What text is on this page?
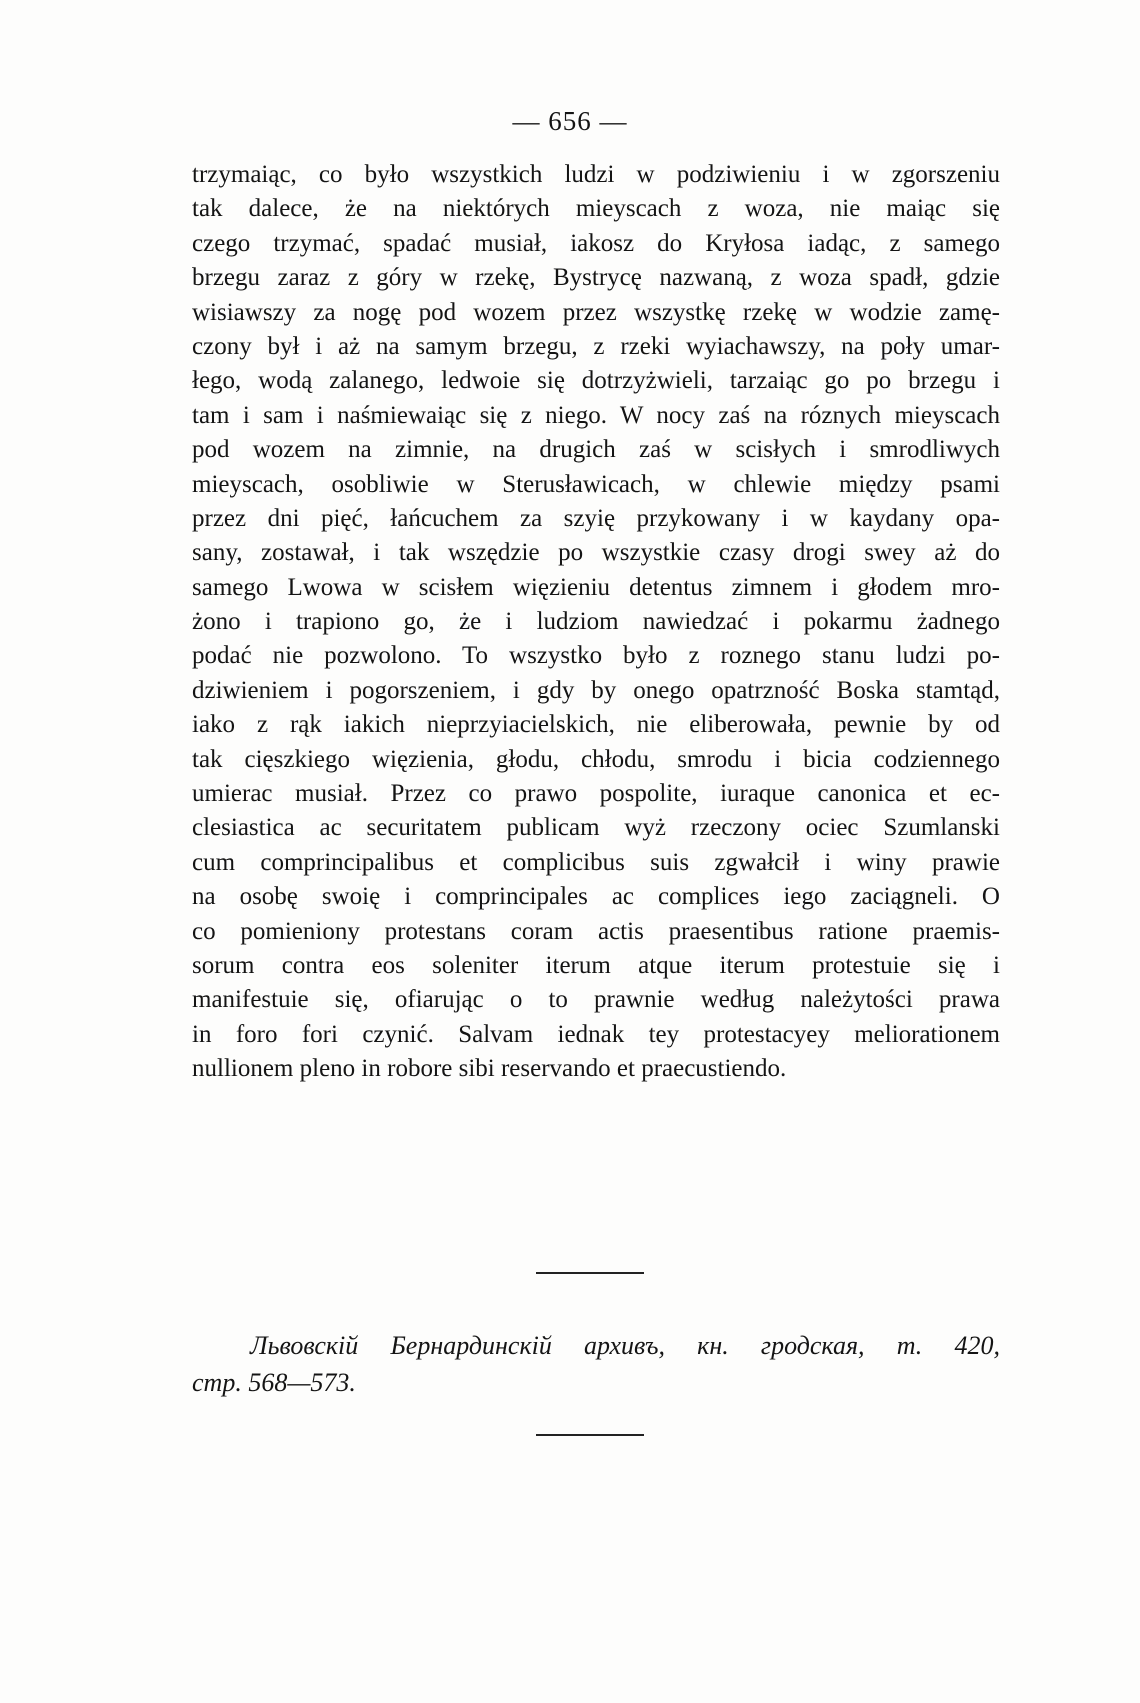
— 656 —
trzymaiąc, co było wszystkich ludzi w podziwieniu i w zgorszeniu
tak dalece, że na niektórych mieyscach z woza, nie maiąc się
czego trzymać, spadać musiał, iakosz do Kryłosa iadąc, z samego
brzegu zaraz z góry w rzekę, Bystrycę nazwaną, z woza spadł, gdzie
wisiawszy za nogę pod wozem przez wszystkę rzekę w wodzie zamę-
czony był i aż na samym brzegu, z rzeki wyiachawszy, na poły umar-
łego, wodą zalanego, ledwoie się dotrzyżwieli, tarzaiąc go po brzegu i
tam i sam i naśmiewaiąc się z niego. W nocy zaś na róznych mieyscach
pod wozem na zimnie, na drugich zaś w scisłych i smrodliwych
mieyscach, osobliwie w Sterusławicach, w chlewie między psami
przez dni pięć, łańcuchem za szyię przykowany i w kaydany opa-
sany, zostawał, i tak wszędzie po wszystkie czasy drogi swey aż do
samego Lwowa w scisłem więzieniu detentus zimnem i głodem mro-
żono i trapiono go, że i ludziom nawiedzać i pokarmu żadnego
podać nie pozwolono. To wszystko było z roznego stanu ludzi po-
dziwieniem i pogorszeniem, i gdy by onego opatrzność Boska stamtąd,
iako z rąk iakich nieprzyiacielskich, nie eliberowała, pewnie by od
tak cięszkiego więzienia, głodu, chłodu, smrodu i bicia codziennego
umierac musiał. Przez co prawo pospolite, iuraque canonica et ec-
clesiastica ac securitatem publicam wyż rzeczony ociec Szumlanski
cum comprincipalibus et complicibus suis zgwałcił i winy prawie
na osobę swoię i comprincipales ac complices iego zaciągneli. O
co pomieniony protestans coram actis praesentibus ratione praemis-
sorum contra eos soleniter iterum atque iterum protestuie się i
manifestuie się, ofiarując o to prawnie według należytości prawa
in foro fori czynić. Salvam iednak tey protestacyey meliorationem
nullionem pleno in robore sibi reservando et praecustiendo.
Львовскій Бернардинскій архивъ, кн. гродская, т. 420,
стр. 568—573.
